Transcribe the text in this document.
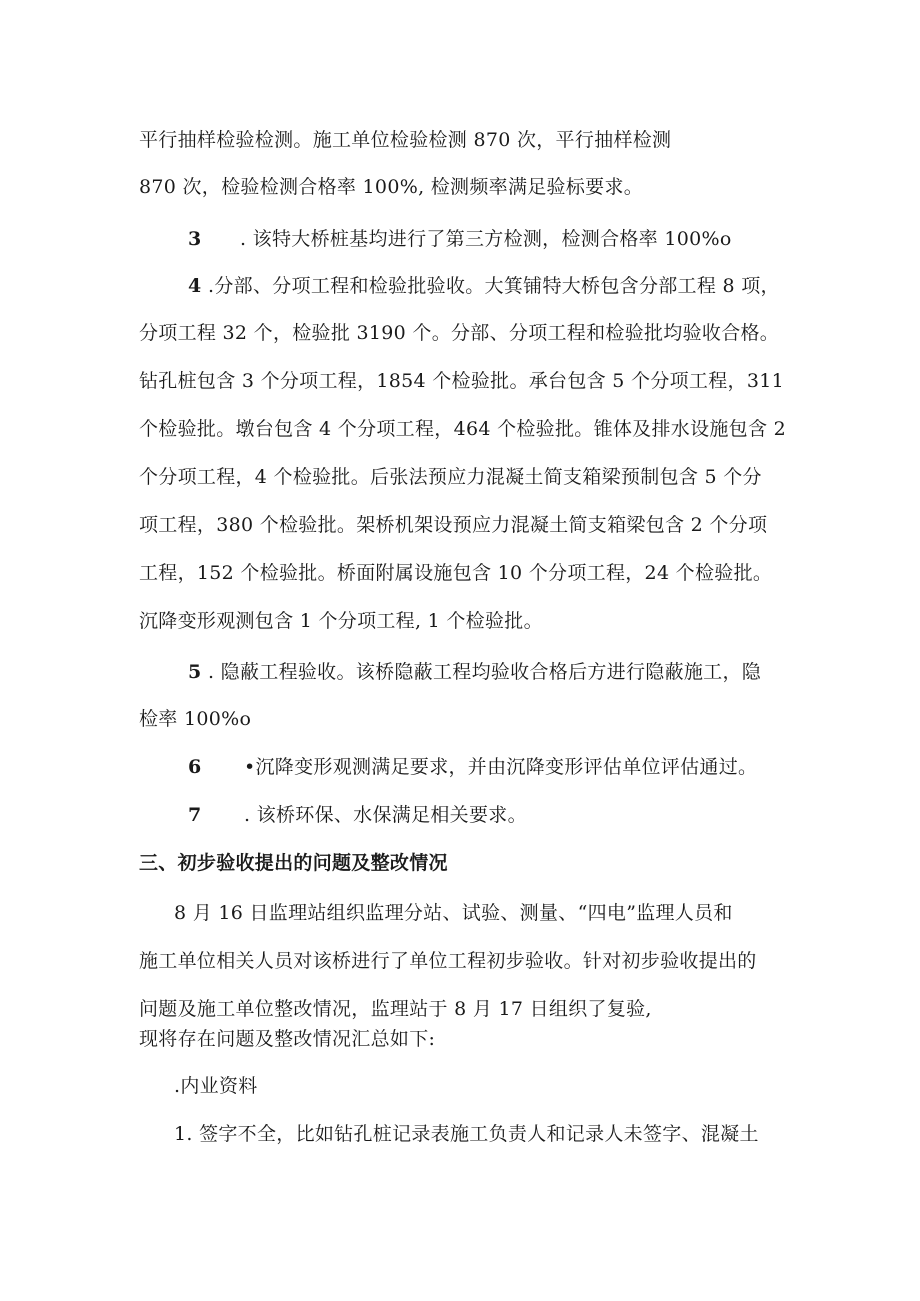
平行抽样检验检测。施工单位检验检测 870 次，平行抽样检测
870 次，检验检测合格率 100%, 检测频率满足验标要求。
3 . 该特大桥桩基均进行了第三方检测，检测合格率 100%o
4 .分部、分项工程和检验批验收。大箕铺特大桥包含分部工程 8 项，
分项工程 32 个，检验批 3190 个。分部、分项工程和检验批均验收合格。
钻孔桩包含 3 个分项工程，1854 个检验批。承台包含 5 个分项工程，311
个检验批。墩台包含 4 个分项工程，464 个检验批。锥体及排水设施包含 2
个分项工程，4 个检验批。后张法预应力混凝土简支箱梁预制包含 5 个分
项工程，380 个检验批。架桥机架设预应力混凝土简支箱梁包含 2 个分项
工程，152 个检验批。桥面附属设施包含 10 个分项工程，24 个检验批。
沉降变形观测包含 1 个分项工程, 1 个检验批。
5 . 隐蔽工程验收。该桥隐蔽工程均验收合格后方进行隐蔽施工，隐
检率 100%o
6 •沉降变形观测满足要求，并由沉降变形评估单位评估通过。
7 . 该桥环保、水保满足相关要求。
三、初步验收提出的问题及整改情况
8 月 16 日监理站组织监理分站、试验、测量、“四电”监理人员和
施工单位相关人员对该桥进行了单位工程初步验收。针对初步验收提出的
问题及施工单位整改情况，监理站于 8 月 17 日组织了复验,
现将存在问题及整改情况汇总如下:
.内业资料
1. 签字不全，比如钻孔桩记录表施工负责人和记录人未签字、混凝土
